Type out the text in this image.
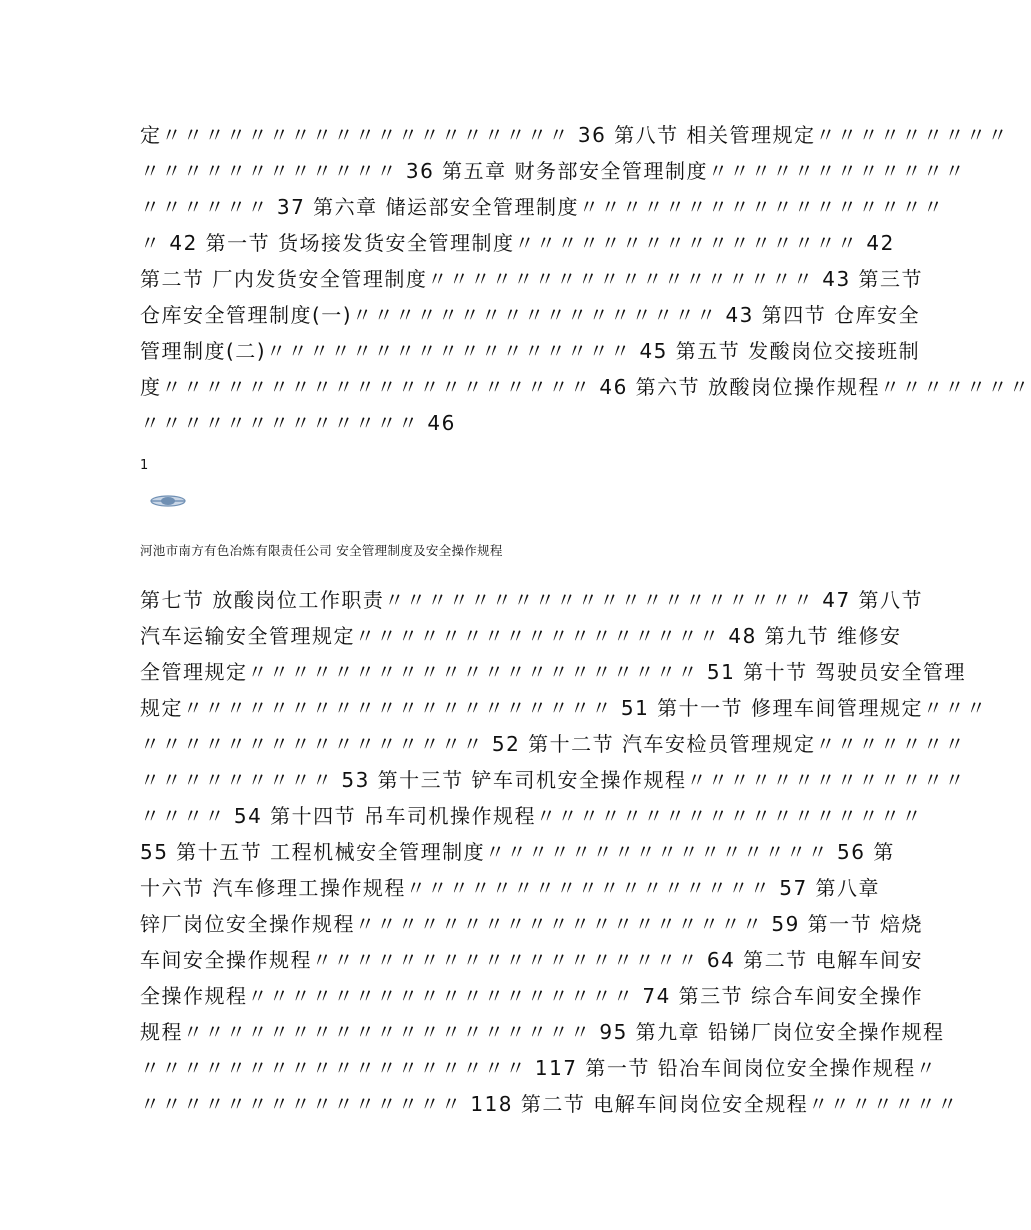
定〃〃〃〃〃〃〃〃〃〃〃〃〃〃〃〃〃〃〃 36 第八节 相关管理规定〃〃〃〃〃〃〃〃〃
〃〃〃〃〃〃〃〃〃〃〃〃 36 第五章 财务部安全管理制度〃〃〃〃〃〃〃〃〃〃〃〃
〃〃〃〃〃〃 37 第六章 储运部安全管理制度〃〃〃〃〃〃〃〃〃〃〃〃〃〃〃〃〃
〃 42 第一节 货场接发货安全管理制度〃〃〃〃〃〃〃〃〃〃〃〃〃〃〃〃 42
第二节 厂内发货安全管理制度〃〃〃〃〃〃〃〃〃〃〃〃〃〃〃〃〃〃 43 第三节
仓库安全管理制度(一)〃〃〃〃〃〃〃〃〃〃〃〃〃〃〃〃〃 43 第四节 仓库安全
管理制度(二)〃〃〃〃〃〃〃〃〃〃〃〃〃〃〃〃〃 45 第五节 发酸岗位交接班制
度〃〃〃〃〃〃〃〃〃〃〃〃〃〃〃〃〃〃〃〃 46 第六节 放酸岗位操作规程〃〃〃〃〃〃〃
〃〃〃〃〃〃〃〃〃〃〃〃〃 46
1
河池市南方有色冶炼有限责任公司 安全管理制度及安全操作规程
第七节 放酸岗位工作职责〃〃〃〃〃〃〃〃〃〃〃〃〃〃〃〃〃〃〃〃 47 第八节
汽车运输安全管理规定〃〃〃〃〃〃〃〃〃〃〃〃〃〃〃〃〃 48 第九节 维修安
全管理规定〃〃〃〃〃〃〃〃〃〃〃〃〃〃〃〃〃〃〃〃〃 51 第十节 驾驶员安全管理
规定〃〃〃〃〃〃〃〃〃〃〃〃〃〃〃〃〃〃〃〃 51 第十一节 修理车间管理规定〃〃〃
〃〃〃〃〃〃〃〃〃〃〃〃〃〃〃〃 52 第十二节 汽车安检员管理规定〃〃〃〃〃〃〃
〃〃〃〃〃〃〃〃〃 53 第十三节 铲车司机安全操作规程〃〃〃〃〃〃〃〃〃〃〃〃〃
〃〃〃〃 54 第十四节 吊车司机操作规程〃〃〃〃〃〃〃〃〃〃〃〃〃〃〃〃〃〃
55 第十五节 工程机械安全管理制度〃〃〃〃〃〃〃〃〃〃〃〃〃〃〃〃 56 第
十六节 汽车修理工操作规程〃〃〃〃〃〃〃〃〃〃〃〃〃〃〃〃〃 57 第八章
锌厂岗位安全操作规程〃〃〃〃〃〃〃〃〃〃〃〃〃〃〃〃〃〃〃 59 第一节 焙烧
车间安全操作规程〃〃〃〃〃〃〃〃〃〃〃〃〃〃〃〃〃〃 64 第二节 电解车间安
全操作规程〃〃〃〃〃〃〃〃〃〃〃〃〃〃〃〃〃〃 74 第三节 综合车间安全操作
规程〃〃〃〃〃〃〃〃〃〃〃〃〃〃〃〃〃〃〃 95 第九章 铅锑厂岗位安全操作规程
〃〃〃〃〃〃〃〃〃〃〃〃〃〃〃〃〃〃 117 第一节 铅冶车间岗位安全操作规程〃
〃〃〃〃〃〃〃〃〃〃〃〃〃〃〃 118 第二节 电解车间岗位安全规程〃〃〃〃〃〃〃
